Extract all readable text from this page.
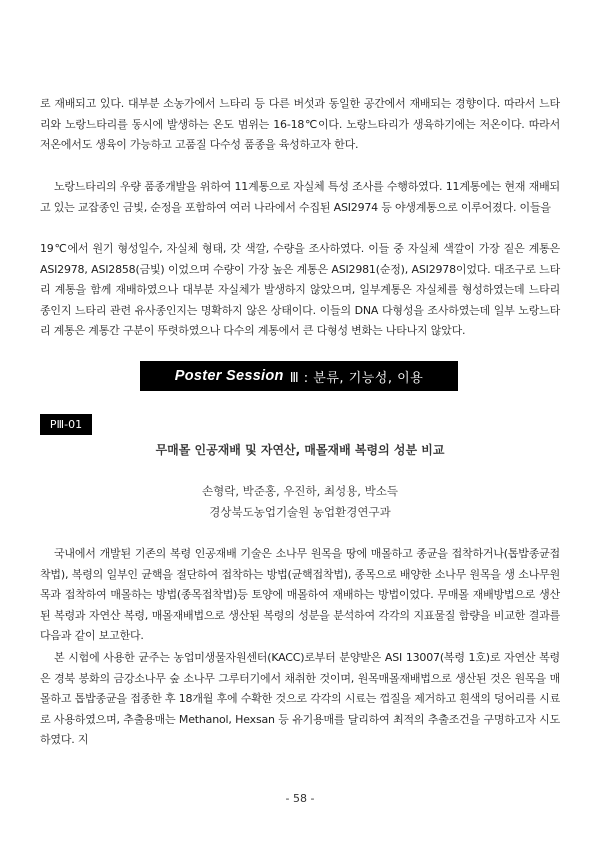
로 재배되고 있다. 대부분 소농가에서 느타리 등 다른 버섯과 동일한 공간에서 재배되는 경향이다. 따라서 느타리와 노랑느타리를 동시에 발생하는 온도 범위는 16-18℃이다. 노랑느타리가 생육하기에는 저온이다. 따라서 저온에서도 생육이 가능하고 고품질 다수성 품종을 육성하고자 한다.

노랑느타리의 우량 품종개발을 위하여 11계통으로 자실체 특성 조사를 수행하였다. 11계통에는 현재 재배되고 있는 교잡종인 금빛, 순정을 포함하여 여러 나라에서 수집된 ASI2974 등 야생계통으로 이루어졌다. 이들을

19℃에서 원기 형성일수, 자실체 형태, 갓 색깔, 수량을 조사하였다. 이들 중 자실체 색깔이 가장 짙은 계통은 ASI2978, ASI2858(금빛) 이었으며 수량이 가장 높은 계통은 ASI2981(순정), ASI2978이었다. 대조구로 느타리 계통을 함께 재배하였으나 대부분 자실체가 발생하지 않았으며, 일부계통은 자실체를 형성하였는데 느타리 종인지 느타리 관련 유사종인지는 명확하지 않은 상태이다. 이들의 DNA 다형성을 조사하였는데 일부 노랑느타리 계통은 계통간 구분이 뚜렷하였으나 다수의 계통에서 큰 다형성 변화는 나타나지 않았다.

Poster Session Ⅲ : 분류, 기능성, 이용
PⅢ-01

무매몰 인공재배 및 자연산, 매몰재배 복령의 성분 비교

손형락, 박준홍, 우진하, 최성용, 박소득

경상북도농업기술원 농업환경연구과

국내에서 개발된 기존의 복령 인공재배 기술은 소나무 원목을 땅에 매몰하고 종균을 접착하거나(톱밥종균접착법), 복령의 일부인 균핵을 절단하여 접착하는 방법(균핵접착법), 종목으로 배양한 소나무 원목을 생 소나무원목과 접착하여 매몰하는 방법(종목접착법)등 토양에 매몰하여 재배하는 방법이었다. 무매몰 재배방법으로 생산된 복령과 자연산 복령, 매몰재배법으로 생산된 복령의 성분을 분석하여 각각의 지표물질 함량을 비교한 결과를 다음과 같이 보고한다.

본 시험에 사용한 균주는 농업미생물자원센터(KACC)로부터 분양받은 ASI 13007(복령 1호)로 자연산 복령은 경북 봉화의 금강소나무 숲 소나무 그루터기에서 채취한 것이며, 원목매몰재배법으로 생산된 것은 원목을 매몰하고 톱밥종균을 접종한 후 18개월 후에 수확한 것으로 각각의 시료는 껍질을 제거하고 흰색의 덩어리를 시료로 사용하였으며, 추출용매는 Methanol, Hexsan 등 유기용매를 달리하여 최적의 추출조건을 구명하고자 시도하였다. 지

- 58 -
